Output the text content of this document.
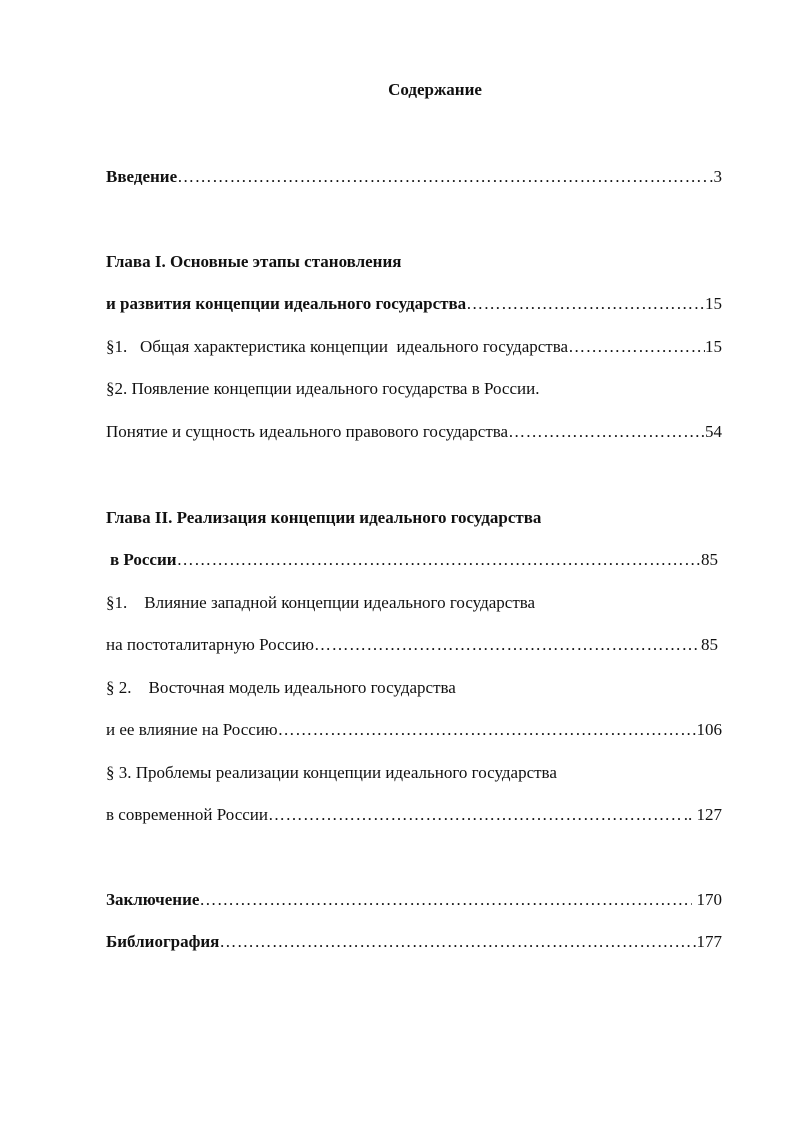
Содержание
Введение ……………………………………………………………………………………………………………………………………………………	.3
Глава I. Основные этапы становления
и развития концепции идеального государства ……………………………………………………………………………………………………………………………………………………	15
§1.   Общая характеристика концепции  идеального государства ……………………………………………………………………………………………………………………………………………………	15
§2. Появление концепции идеального государства в России.
Понятие и сущность идеального правового государства ……………………………………………………………………………………………………………………………………………………	.54
Глава II. Реализация концепции идеального государства
в России ……………………………………………………………………………………………………………………………………………………	85
§1.    Влияние западной концепции идеального государства
на постоталитарную Россию ……………………………………………………………………………………………………………………………………………………	85
§ 2.    Восточная модель идеального государства
и ее влияние на Россию ……………………………………………………………………………………………………………………………………………………	106
§ 3. Проблемы реализации концепции идеального государства
в современной России ……………………………………………………………………………………………………………………………………………………	.. 127
Заключение ……………………………………………………………………………………………………………………………………………………	170
Библиография ……………………………………………………………………………………………………………………………………………………	177
